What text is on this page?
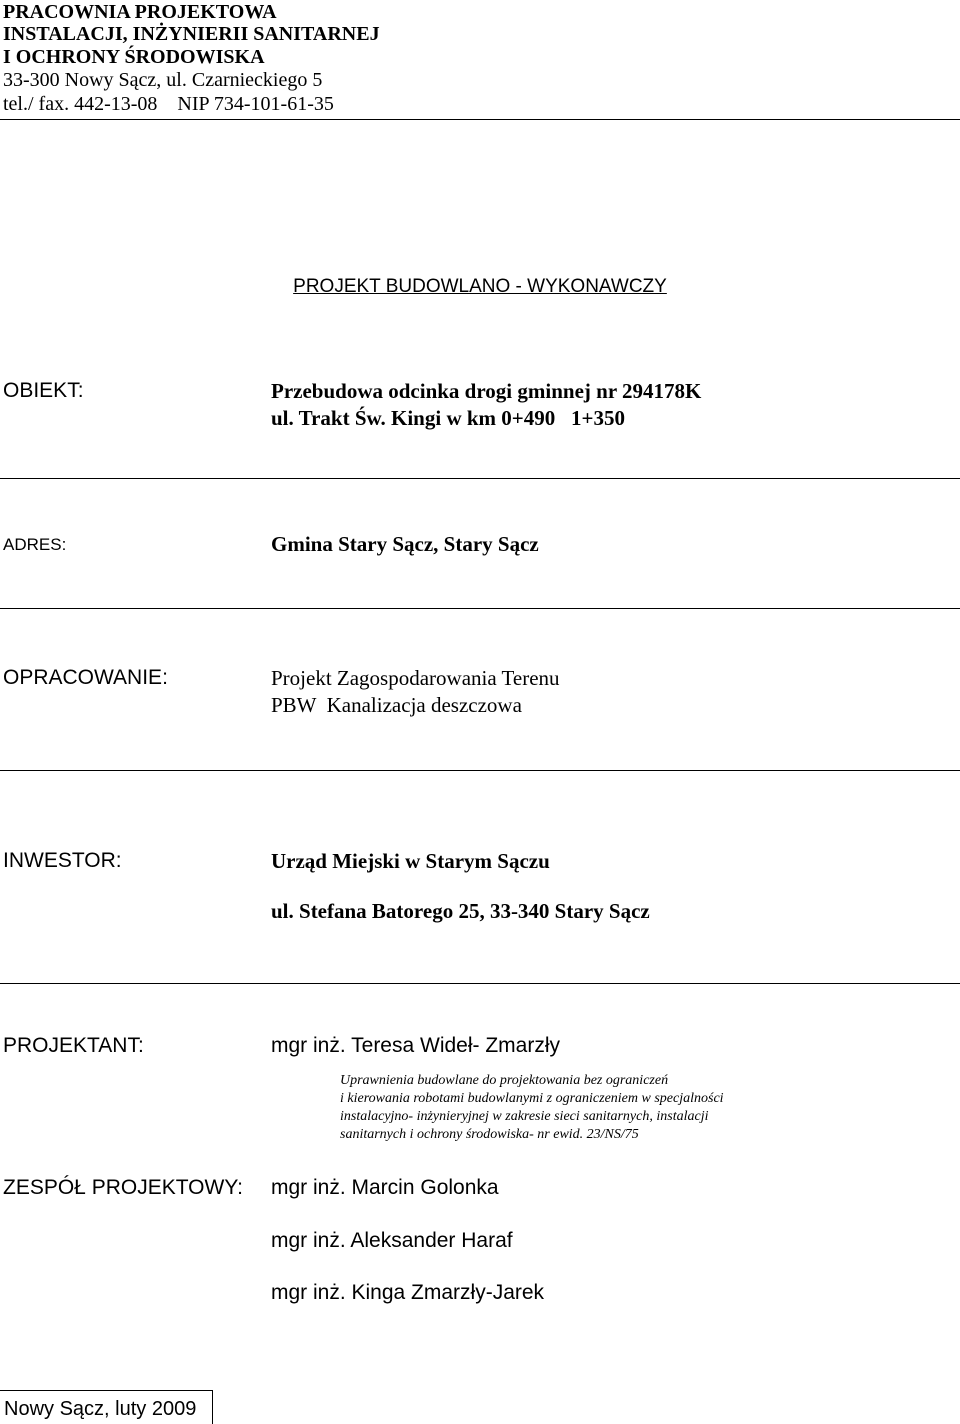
PRACOWNIA PROJEKTOWA
INSTALACJI, INŻYNIERII SANITARNEJ
I OCHRONY ŚRODOWISKA
33-300 Nowy Sącz, ul. Czarnieckiego 5
tel./ fax. 442-13-08    NIP 734-101-61-35
PROJEKT BUDOWLANO - WYKONAWCZY
OBIEKT:	Przebudowa odcinka drogi gminnej nr 294178K
ul. Trakt Św. Kingi w km 0+490   1+350
ADRES:	Gmina Stary Sącz, Stary Sącz
OPRACOWANIE:	Projekt Zagospodarowania Terenu
PBW  Kanalizacja deszczowa
INWESTOR:	Urząd Miejski w Starym Sączu
ul. Stefana Batorego 25, 33-340 Stary Sącz
PROJEKTANT:	mgr inż. Teresa Wideł- Zmarzły
Uprawnienia budowlane do projektowania bez ograniczeń
i kierowania robotami budowlanymi z ograniczeniem w specjalności
instalacyjno- inżynieryjnej w zakresie sieci sanitarnych, instalacji
sanitarnych i ochrony środowiska- nr ewid. 23/NS/75
ZESPÓŁ PROJEKTOWY: mgr inż. Marcin Golonka
mgr inż. Aleksander Haraf
mgr inż. Kinga Zmarzły-Jarek
Nowy Sącz, luty 2009
